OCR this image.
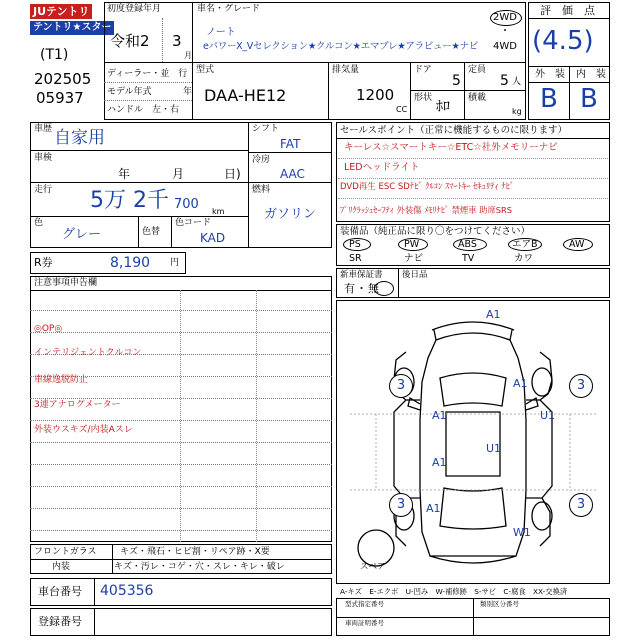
JUテントリ
テントリ★スター
(T1)
202505
05937
初度登録年月
令和2 3
月
車名・グレード
ノート
eパワーX_Vセレクション★クルコン★エマブレ★アラビュー★ナビ
2WD
・
4WD
ディーラー・並　行
モデル年式	年
ハンドル　左・右
型式
DAA-HE12
排気量
1200
CC
ドア
5
定員
5 人
形状
ﾎﾛ
積載
kg
評　価　点
(4.5)
外　装 内　装
B B
車歴 自家用
車検
年	月	日)
走行 5万 2千 700 km
色
グレー	色替
色コード
KAD
シフト
FAT
冷房
AAC
燃料
ガソリン
R券	8,190 円
セールスポイント（正常に機能するものに限ります）
キーレス☆スマートキー☆ETC☆社外メモリーナビ
LEDヘッドライト
DVD再生 ESC SDﾅﾋﾞ ｸﾙｺﾝ ｽﾏｰﾄｷｰ ｾｷｭﾘﾃｨ ﾅﾋﾞ
ﾌﾟﾘｸﾗｯｼｭｾｰﾌﾃｨ 外装傷 ﾒﾓﾘﾅﾋﾞ 禁煙車 助席SRS
装備品（純正品に限り〇をつけてください）
PS	PW	ABS	エアB	AW
SR	ナビ	TV	カワ
新車保証書 後日品
有・無
注意事項申告欄
◎OP◎
インテリジェントクルコン
車線逸脱防止
3連アナログメーター
外装ウスキズ/内装Aスレ
A1
A1
A1	U1
U1
A1
A1
W1
3	3
3	3
スペア
フロントガラス	キズ・飛石・ヒビ割・リペア跡・X要
内装	キズ・汚レ・コゲ・穴・スレ・キレ・破レ
車台番号 405356
登録番号
A-キズ　E-エクボ　U-凹み　W-補修跡　S-サビ　C-腐食　XX-交換済
型式指定番号	類別区分番号
車両証明番号
